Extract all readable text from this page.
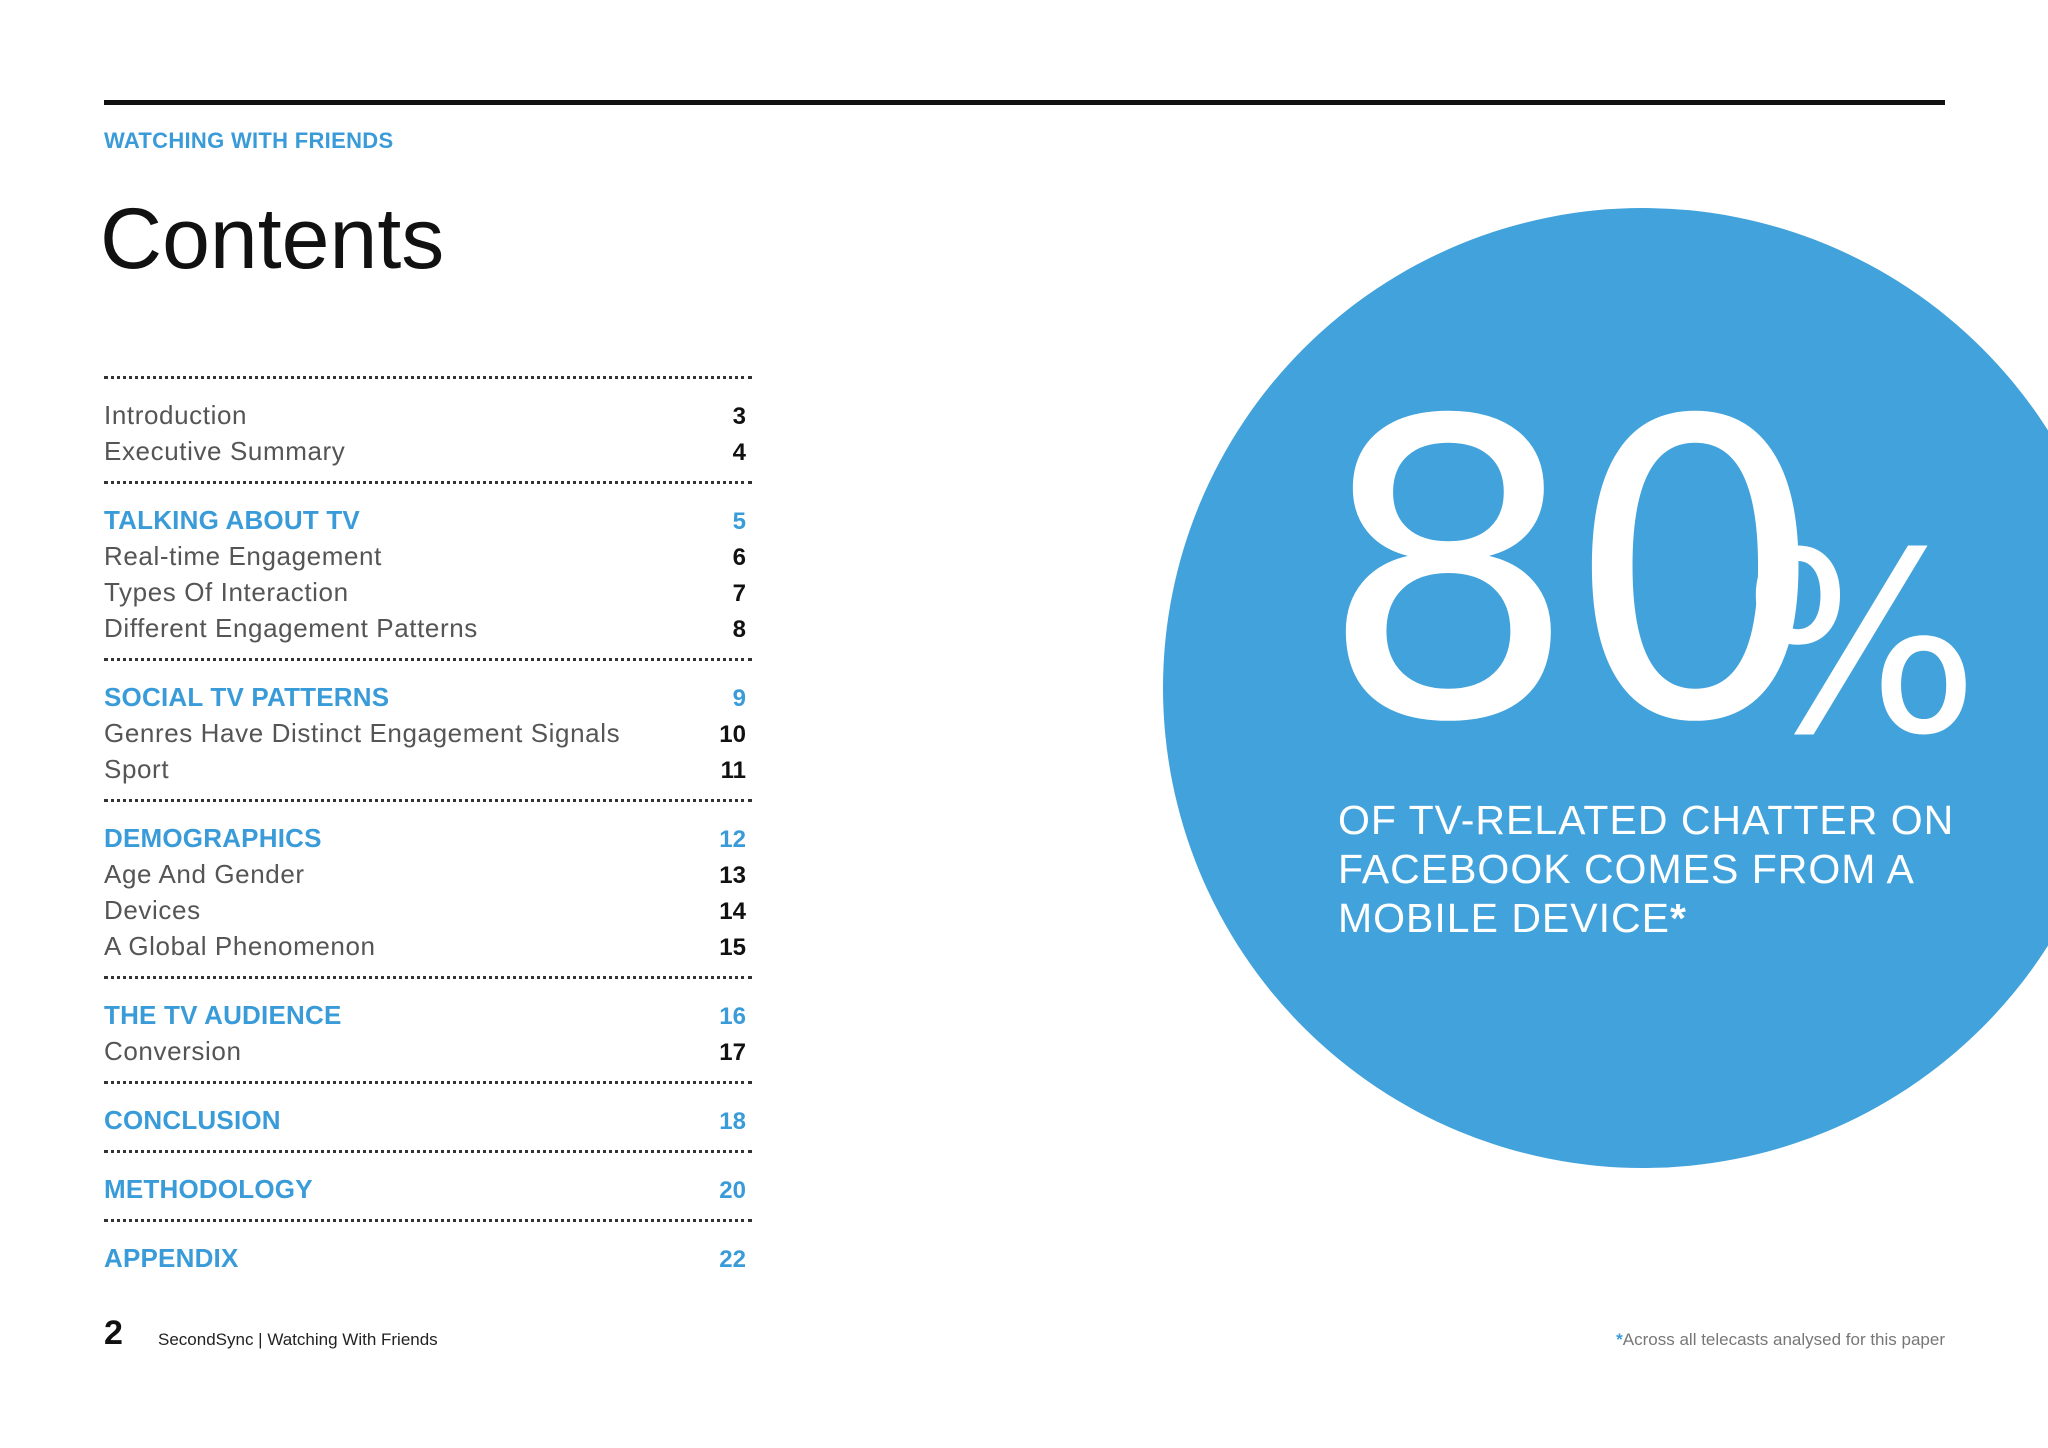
WATCHING WITH FRIENDS
Contents
Introduction	3
Executive Summary	4
TALKING ABOUT TV	5
Real-time Engagement	6
Types Of Interaction	7
Different Engagement Patterns	8
SOCIAL TV PATTERNS	9
Genres Have Distinct Engagement Signals	10
Sport	11
DEMOGRAPHICS	12
Age And Gender	13
Devices	14
A Global Phenomenon	15
THE TV AUDIENCE	16
Conversion	17
CONCLUSION	18
METHODOLOGY	20
APPENDIX	22
80
%
OF TV-RELATED CHATTER ON FACEBOOK COMES FROM A MOBILE DEVICE*
2 SecondSync | Watching With Friends	*Across all telecasts analysed for this paper
